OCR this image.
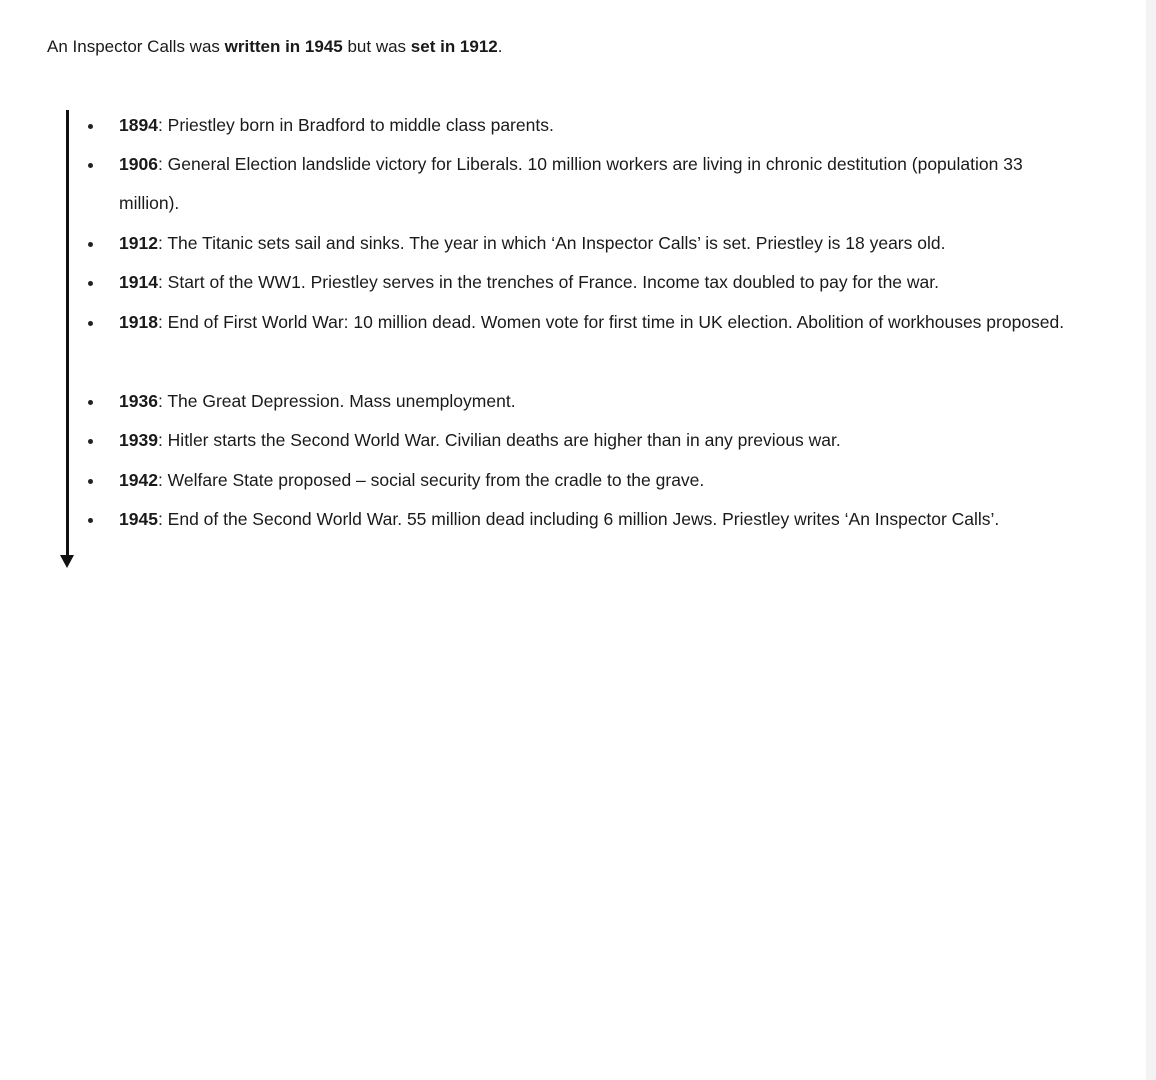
An Inspector Calls was written in 1945 but was set in 1912.
1894: Priestley born in Bradford to middle class parents.
1906: General Election landslide victory for Liberals. 10 million workers are living in chronic destitution (population 33 million).
1912: The Titanic sets sail and sinks. The year in which ‘An Inspector Calls’ is set. Priestley is 18 years old.
1914: Start of the WW1. Priestley serves in the trenches of France. Income tax doubled to pay for the war.
1918: End of First World War: 10 million dead. Women vote for first time in UK election. Abolition of workhouses proposed.
1936: The Great Depression. Mass unemployment.
1939: Hitler starts the Second World War. Civilian deaths are higher than in any previous war.
1942: Welfare State proposed – social security from the cradle to the grave.
1945: End of the Second World War. 55 million dead including 6 million Jews. Priestley writes ‘An Inspector Calls’.
